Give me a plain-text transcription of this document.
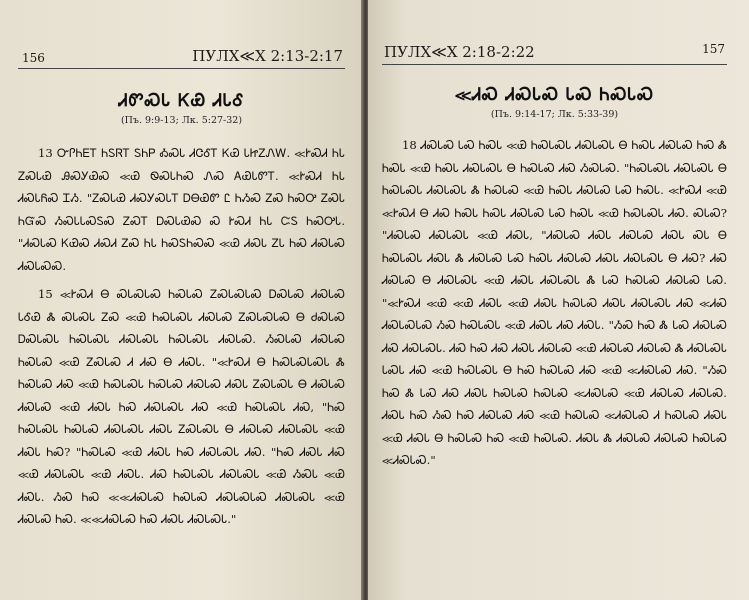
156	ПУЛХ≪Х 2:13-2:17
ᏗᏛᏍᏓ ᏦᏯ ᏗᏓᎴ
(Пъ. 9:9-13; Лк. 5:27-32)

13 ᏅᎵᏂᎬᎢ ᏂᏚᏒᎢ ᏚᏂᏢ ᎣᏍᏓ ᏗᏣᎴᎢ ᏦᏯ ᏓᏥᏃᏁᎳ. ≪ᎨᏍᏗ ᏂᏓ ᏃᏍᏓᏯ ᎯᏍᎩᏯᏍ ≪Ꮿ ᏫᏍᏓᏂᏍ ᏁᏍ ᎪᏯᏓᏛᎢ. ≪ᎨᏍᏗ ᏂᏓ ᏗᏍᏓᏲᏍ ᏆᏱ. "ᏃᏍᏓᏯ ᏗᏍᎩᏍᏓᎢ ᎠᎾᏯᏛ Ꮭ ᏂᏱᏍ ᏃᏍ ᏂᏍᎤ ᏃᏍᏓ ᏂᏳᏍ ᏱᏍᏓᏓᏍᏚᏍ ᏃᏍᎢ ᎠᏍᏓᏯᏍ Ꮝ ᎨᏍᏗ ᏂᏓ ᏨᏚ ᏂᏍᎤᏓ. "ᏗᏍᏓᏍ ᏦᏯᏍ ᏗᏍᏗ ᏃᏍ ᏂᏓ ᏂᏍᏚᏂᏍᏍ ≪Ꮿ ᏗᏍᏓ ᏃᏓ ᏂᏍ ᏗᏍᏓᏍ ᏗᏍᏓᏍᏍ.

15 ≪ᎨᏍᏗ Ꮎ ᏍᏓᏍᏓᏍ ᏂᏍᏓᏍ ᏃᏍᏓᏍᏓᏍ ᎠᏍᏓᏍ ᏗᏍᏓᏍ ᏓᎴᏯ Ꮬ ᏍᏓᏍᏓ ᏃᏍ ≪Ꮿ ᏂᏍᏓᏍᏓ ᏗᏍᏓᏍ ᏃᏍᏓᏍᏓᏍ Ꮎ ᏧᏍᏓᏍ ᎠᏍᏓᏍᏓ ᏂᏍᏓᏍᏓ ᏗᏍᏓᏍᏓ ᏂᏍᏓᏍᏓ ᏗᏍᏓᏍ. ᏱᏍᏓᏍ ᏗᏍᏓᏍ ᏂᏍᏓᏍ ≪Ꮿ ᏃᏍᏓᏍ Ꮧ ᏗᏍ Ꮎ ᏗᏍᏓ. "≪ᎨᏍᏗ Ꮎ ᏂᏍᏓᏍᏓᏍᏓ Ꮬ ᏂᏍᏓᏍ ᏗᏍ ≪Ꮿ ᏂᏍᏓᏍᏓ ᏂᏍᏓᏍ ᏗᏍᏓᏍ ᏗᏍᏓ ᏃᏍᏓᏍᏓ Ꮎ ᏗᏍᏓᏍ ᏗᏍᏓᏍ ≪Ꮿ ᏗᏍᏓ ᏂᏍ ᏗᏍᏓᏍᏓ ᏗᏍ ≪Ꮿ ᏂᏍᏓᏍᏓ ᏗᏍ, "ᏂᏍ ᏂᏍᏓᏍᏓ ᏂᏍᏓᏍ ᏗᏍᏓᏍᏓ ᏗᏍᏓ ᏃᏍᏓᏍᏓ Ꮎ ᏗᏍᏓᏍ ᏗᏍᏓᏍᏓ ≪Ꮿ ᏗᏍᏓ ᏂᏍ? "ᏂᏍᏓᏍ ≪Ꮿ ᏗᏍᏓ ᏂᏍ ᏗᏍᏓᏍᏓ ᏗᏍ. "ᏂᏍ ᏗᏍᏓ ᏗᏍ ≪Ꮿ ᏗᏍᏓᏍᏓ ≪Ꮿ ᏗᏍᏓ. ᏗᏍ ᏂᏍᏓᏍᏓ ᏗᏍᏓᏍᏓ ≪Ꮿ ᏱᏍᏓ ≪Ꮿ ᏗᏍᏓ. ᏱᏍ ᏂᏍ ≪≪ᏗᏍᏓᏍ ᏂᏍᏓᏍ ᏗᏍᏓᏍᏓᏍ ᏗᏍᏓᏍᏓ ≪Ꮿ ᏗᏍᏓᏍ ᏂᏍ. ≪≪ᏗᏍᏓᏍ ᏂᏍ ᏗᏍᏓ ᏗᏍᏓᏍᏓ."

ПУЛХ≪Х 2:18-2:22	157
≪ᏗᏍ ᏗᏍᏓᏍ ᏓᏍ ᏂᏍᏓᏍ
(Пъ. 9:14-17; Лк. 5:33-39)

18 ᏗᏍᏓᏍ ᏓᏍ ᏂᏍᏓ ≪Ꮿ ᏂᏍᏓᏍᏓ ᏗᏍᏓᏍᏓ Ꮎ ᏂᏍᏓ ᏗᏍᏓᏍ ᏂᏍ Ꮬ ᏂᏍᏓ ≪Ꮿ ᏂᏍᏓ ᏗᏍᏓᏍᏓ Ꮎ ᏂᏍᏓᏍ ᏗᏍ ᏱᏍᏓᏍ. "ᏂᏍᏓᏍᏓ ᏗᏍᏓᏍᏓ Ꮎ ᏂᏍᏓᏍᏓ ᏗᏍᏓᏍᏓ Ꮬ ᏂᏍᏓᏍ ≪Ꮿ ᏂᏍᏓ ᏗᏍᏓᏍ ᏓᏍ ᏂᏍᏓ. ≪ᎨᏍᏗ ≪Ꮿ ≪ᎨᏍᏗ Ꮎ ᏗᏍ ᏂᏍᏓ ᏂᏍᏓ ᏗᏍᏓᏍ ᏓᏍ ᏂᏍᏓ ≪Ꮿ ᏂᏍᏓᏍᏓ ᏗᏍ. ᏍᏓᏍ? "ᏗᏍᏓᏍ ᏗᏍᏓᏍᏓ ≪Ꮿ ᏗᏍᏓ, "ᏗᏍᏓᏍ ᏗᏍᏓ ᏗᏍᏓᏍ ᏗᏍᏓ ᏍᏓ Ꮎ ᏂᏍᏓᏍᏓ ᏗᏍᏓ Ꮬ ᏗᏍᏓᏍ ᏓᏍ ᏂᏍᏓ ᏗᏍᏓᏍ ᏗᏍᏓ ᏗᏍᏓᏍᏓ Ꮎ ᏗᏍ? ᏗᏍ ᏗᏍᏓᏍ Ꮎ ᏗᏍᏓᏍᏓ ≪Ꮿ ᏗᏍᏓ ᏗᏍᏓᏍᏓ Ꮬ ᏓᏍ ᏂᏍᏓᏍ ᏗᏍᏓᏍ ᏓᏍ. "≪ᎨᏍᏗ ≪Ꮿ ≪Ꮿ ᏗᏍᏓ ≪Ꮿ ᏗᏍᏓ ᏂᏍᏓᏍ ᏗᏍᏓ ᏗᏍᏓᏍᏓ ᏗᏍ ≪ᏗᏍ ᏗᏍᏓᏍᏓᏍ ᏱᏍ ᏂᏍᏓᏍᏓ ≪Ꮿ ᏗᏍᏓ ᏗᏍ ᏗᏍᏓ. "ᏱᏍ ᏂᏍ Ꮬ ᏓᏍ ᏗᏍᏓᏍ ᏗᏍ ᏗᏍᏓᏍᏓ. ᏗᏍ ᏂᏍ ᏗᏍ ᏗᏍᏓ ᏗᏍᏓᏍ ≪Ꮿ ᏗᏍᏓᏍ ᏗᏍᏓᏍ Ꮬ ᏗᏍᏓᏍᏓ ᏓᏍᏓ ᏗᏍ ≪Ꮿ ᏂᏍᏓᏍᏓ Ꮎ ᏂᏍ ᏂᏍᏓᏍ ᏗᏍ ≪Ꮿ ≪ᏗᏍᏓᏍ ᏗᏍ. "ᏱᏍ ᏂᏍ Ꮬ ᏓᏍ ᏗᏍ ᏗᏍᏓ ᏂᏍᏓᏍ ᏂᏍᏓᏍ ≪ᏗᏍᏓᏍ ≪Ꮿ ᏗᏍᏓᏍ ᏗᏍᏓᏍ. ᏗᏍᏓ ᏂᏍ ᏱᏍ ᏂᏍ ᏗᏍᏓᏍ ᏗᏍ ≪Ꮿ ᏂᏍᏓᏍ ≪ᏗᏍᏓᏍ Ꮧ ᏂᏍᏓᏍ ᏗᏍᏓ ≪Ꮿ ᏗᏍᏓ Ꮎ ᏂᏍᏓᏍ ᏂᏍ ≪Ꮿ ᏂᏍᏓᏍ. ᏗᏍᏓ Ꮬ ᏗᏍᏓᏍ ᏗᏍᏓᏍ ᏂᏍᏓᏍ ≪ᏗᏍᏓᏍ."
